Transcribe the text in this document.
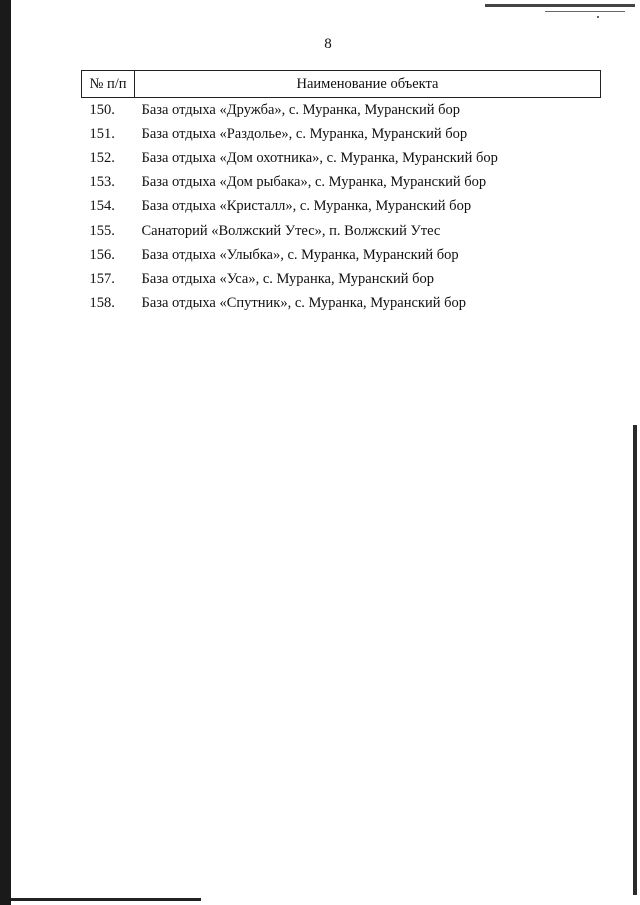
8
№ п/п	Наименование объекта
150.	База отдыха «Дружба», с. Муранка, Муранский бор
151.	База отдыха «Раздолье», с. Муранка, Муранский бор
152.	База отдыха «Дом охотника», с. Муранка, Муранский бор
153.	База отдыха «Дом рыбака», с. Муранка, Муранский бор
154.	База отдыха «Кристалл», с. Муранка, Муранский бор
155.	Санаторий «Волжский Утес», п. Волжский Утес
156.	База отдыха «Улыбка», с. Муранка, Муранский бор
157.	База отдыха «Уса», с. Муранка, Муранский бор
158.	База отдыха «Спутник», с. Муранка, Муранский бор
